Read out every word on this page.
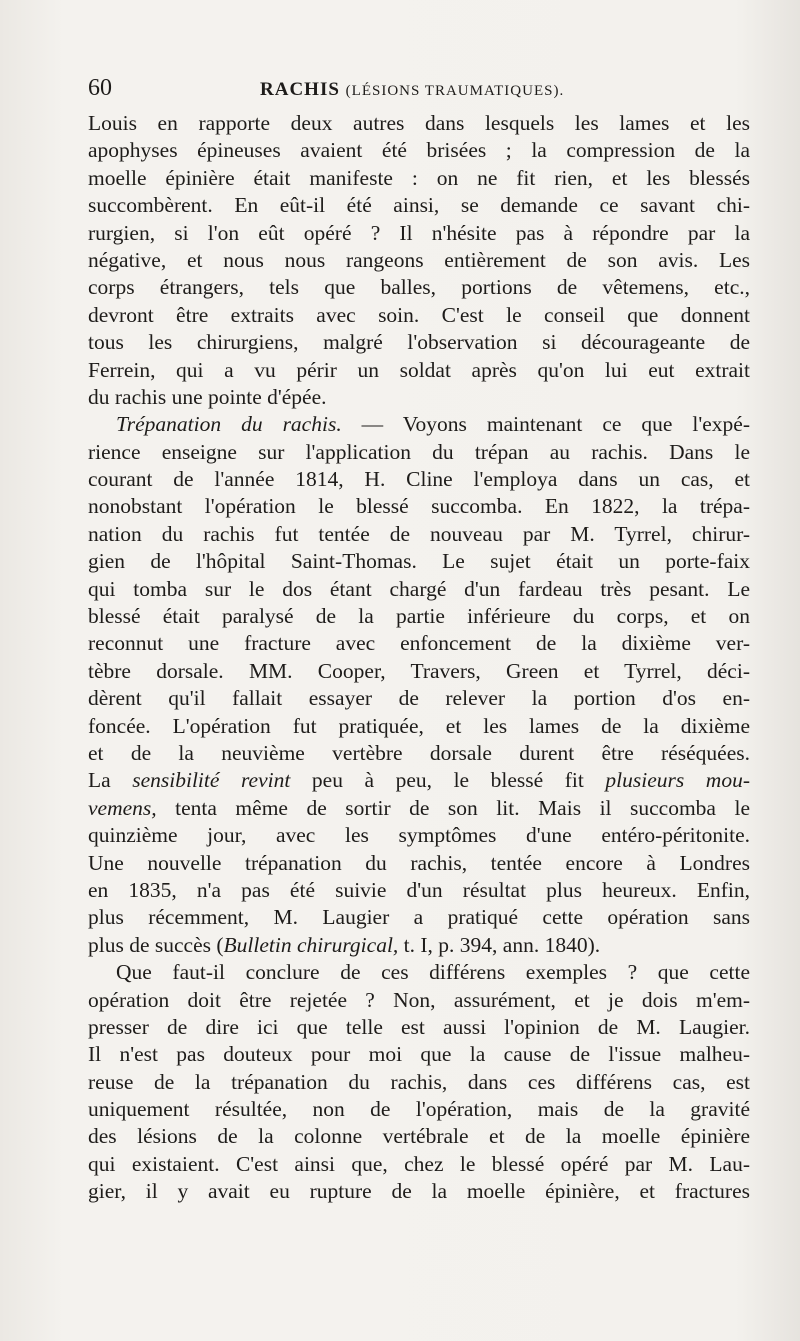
60	RACHIS (LÉSIONS TRAUMATIQUES).
Louis en rapporte deux autres dans lesquels les lames et les
apophyses épineuses avaient été brisées ; la compression de la
moelle épinière était manifeste : on ne fit rien, et les blessés
succombèrent. En eût-il été ainsi, se demande ce savant chi-
rurgien, si l'on eût opéré ? Il n'hésite pas à répondre par la
négative, et nous nous rangeons entièrement de son avis. Les
corps étrangers, tels que balles, portions de vêtemens, etc.,
devront être extraits avec soin. C'est le conseil que donnent
tous les chirurgiens, malgré l'observation si décourageante de
Ferrein, qui a vu périr un soldat après qu'on lui eut extrait
du rachis une pointe d'épée.
Trépanation du rachis. — Voyons maintenant ce que l'expé-
rience enseigne sur l'application du trépan au rachis. Dans le
courant de l'année 1814, H. Cline l'employa dans un cas, et
nonobstant l'opération le blessé succomba. En 1822, la trépa-
nation du rachis fut tentée de nouveau par M. Tyrrel, chirur-
gien de l'hôpital Saint-Thomas. Le sujet était un porte-faix
qui tomba sur le dos étant chargé d'un fardeau très pesant. Le
blessé était paralysé de la partie inférieure du corps, et on
reconnut une fracture avec enfoncement de la dixième ver-
tèbre dorsale. MM. Cooper, Travers, Green et Tyrrel, déci-
dèrent qu'il fallait essayer de relever la portion d'os en-
foncée. L'opération fut pratiquée, et les lames de la dixième
et de la neuvième vertèbre dorsale durent être réséquées.
La sensibilité revint peu à peu, le blessé fit plusieurs mou-
vemens, tenta même de sortir de son lit. Mais il succomba le
quinzième jour, avec les symptômes d'une entéro-péritonite.
Une nouvelle trépanation du rachis, tentée encore à Londres
en 1835, n'a pas été suivie d'un résultat plus heureux. Enfin,
plus récemment, M. Laugier a pratiqué cette opération sans
plus de succès (Bulletin chirurgical, t. I, p. 394, ann. 1840).
Que faut-il conclure de ces différens exemples ? que cette
opération doit être rejetée ? Non, assurément, et je dois m'em-
presser de dire ici que telle est aussi l'opinion de M. Laugier.
Il n'est pas douteux pour moi que la cause de l'issue malheu-
reuse de la trépanation du rachis, dans ces différens cas, est
uniquement résultée, non de l'opération, mais de la gravité
des lésions de la colonne vertébrale et de la moelle épinière
qui existaient. C'est ainsi que, chez le blessé opéré par M. Lau-
gier, il y avait eu rupture de la moelle épinière, et fractures
